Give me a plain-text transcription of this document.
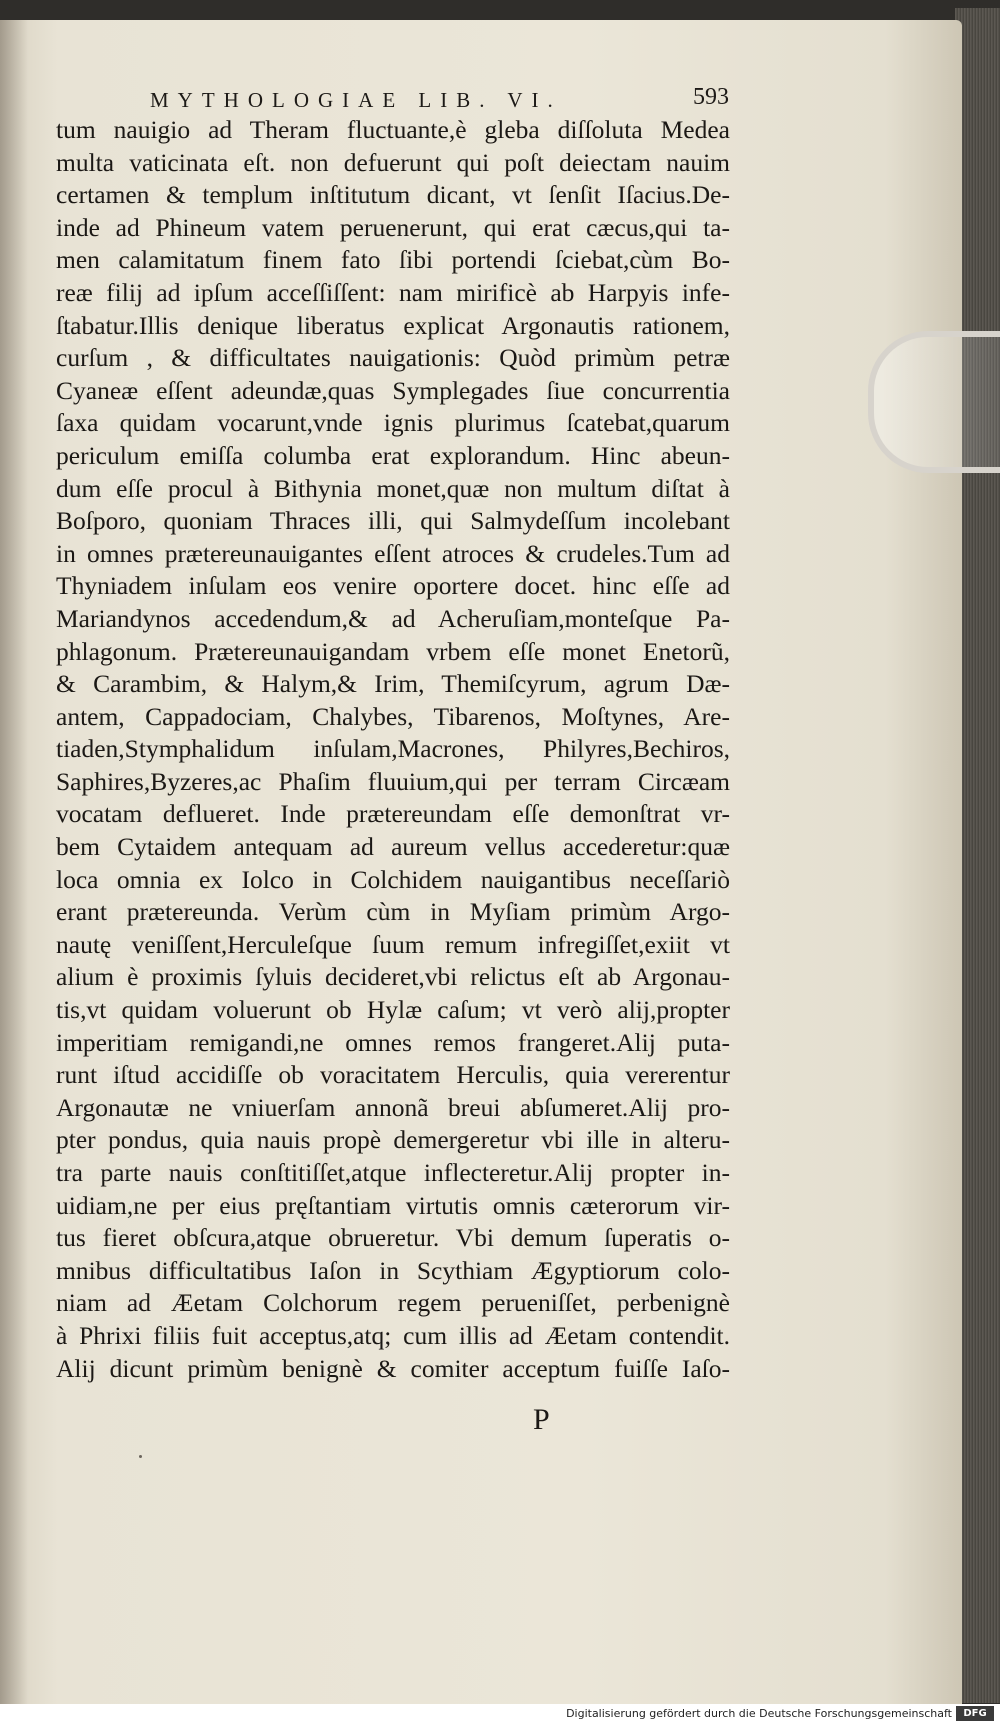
MYTHOLOGIAE LIB. VI.	593
tum nauigio ad Theram fluctuante,è gleba diſſoluta Medea
multa vaticinata eſt. non defuerunt qui poſt deiectam nauim
certamen & templum inſtitutum dicant, vt ſenſit Iſacius.De-
inde ad Phineum vatem peruenerunt, qui erat cæcus,qui ta-
men calamitatum finem fato ſibi portendi ſciebat,cùm Bo-
reæ filij ad ipſum acceſſiſſent: nam mirificè ab Harpyis infe-
ſtabatur.Illis denique liberatus explicat Argonautis rationem,
curſum , & difficultates nauigationis: Quòd primùm petræ
Cyaneæ eſſent adeundæ,quas Symplegades ſiue concurrentia
ſaxa quidam vocarunt,vnde ignis plurimus ſcatebat,quarum
periculum emiſſa columba erat explorandum. Hinc abeun-
dum eſſe procul à Bithynia monet,quæ non multum diſtat à
Boſporo, quoniam Thraces illi, qui Salmydeſſum incolebant
in omnes prætereunauigantes eſſent atroces & crudeles.Tum ad
Thyniadem inſulam eos venire oportere docet. hinc eſſe ad
Mariandynos accedendum,& ad Acheruſiam,monteſque Pa-
phlagonum. Prætereunauigandam vrbem eſſe monet Enetorũ,
& Carambim, & Halym,& Irim, Themiſcyrum, agrum Dæ-
antem, Cappadociam, Chalybes, Tibarenos, Moſtynes, Are-
tiaden,Stymphalidum inſulam,Macrones, Philyres,Bechiros,
Saphires,Byzeres,ac Phaſim fluuium,qui per terram Circæam
vocatam deflueret. Inde prætereundam eſſe demonſtrat vr-
bem Cytaidem antequam ad aureum vellus accederetur:quæ
loca omnia ex Iolco in Colchidem nauigantibus neceſſariò
erant prætereunda. Verùm cùm in Myſiam primùm Argo-
nautę veniſſent,Herculeſque ſuum remum infregiſſet,exiit vt
alium è proximis ſyluis decideret,vbi relictus eſt ab Argonau-
tis,vt quidam voluerunt ob Hylæ caſum; vt verò alij,propter
imperitiam remigandi,ne omnes remos frangeret.Alij puta-
runt iſtud accidiſſe ob voracitatem Herculis, quia vererentur
Argonautæ ne vniuerſam annonã breui abſumeret.Alij pro-
pter pondus, quia nauis propè demergeretur vbi ille in alteru-
tra parte nauis conſtitiſſet,atque inflecteretur.Alij propter in-
uidiam,ne per eius pręſtantiam virtutis omnis cæterorum vir-
tus fieret obſcura,atque obrueretur. Vbi demum ſuperatis o-
mnibus difficultatibus Iaſon in Scythiam Ægyptiorum colo-
niam ad Æetam Colchorum regem perueniſſet, perbenignè
à Phrixi filiis fuit acceptus,atq; cum illis ad Æetam contendit.
Alij dicunt primùm benignè & comiter acceptum fuiſſe Iaſo-
P
Digitalisierung gefördert durch die Deutsche Forschungsgemeinschaft	DFG
